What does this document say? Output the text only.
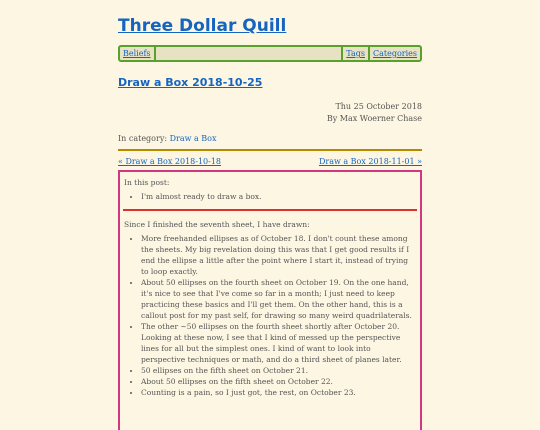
Three Dollar Quill
Beliefs	Tags	Categories
Draw a Box 2018-10-25
Thu 25 October 2018
By Max Woerner Chase
In category: Draw a Box
« Draw a Box 2018-10-18	Draw a Box 2018-11-01 »

In this post:

• I'm almost ready to draw a box.

Since I finished the seventh sheet, I have drawn:

• More freehanded ellipses as of October 18. I don't count these among the sheets. My big revelation doing this was that I get good results if I end the ellipse a little after the point where I start it, instead of trying to loop exactly.
• About 50 ellipses on the fourth sheet on October 19. On the one hand, it's nice to see that I've come so far in a month; I just need to keep practicing these basics and I'll get them. On the other hand, this is a callout post for my past self, for drawing so many weird quadrilaterals.
• The other ~50 ellipses on the fourth sheet shortly after October 20. Looking at these now, I see that I kind of messed up the perspective lines for all but the simplest ones. I kind of want to look into perspective techniques or math, and do a third sheet of planes later.
• 50 ellipses on the fifth sheet on October 21.
• About 50 ellipses on the fifth sheet on October 22.
• Counting is a pain, so I just got, the rest, on October 23.
